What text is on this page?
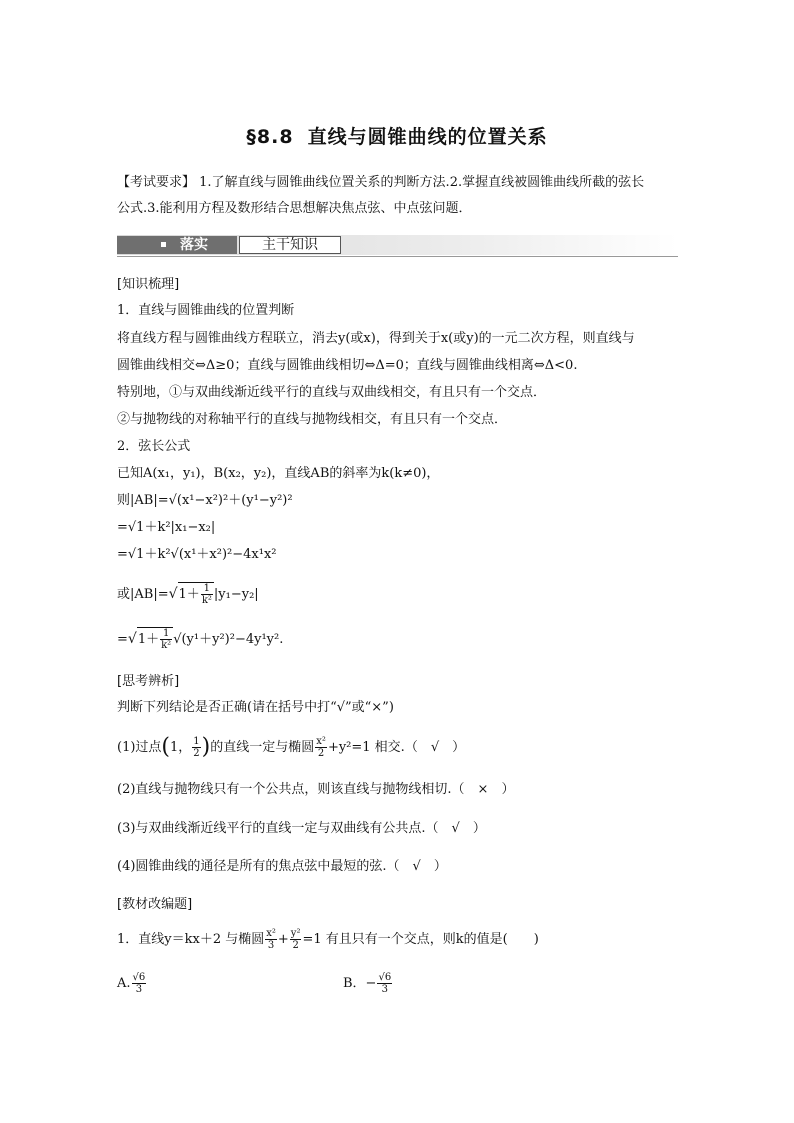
§8.8 直线与圆锥曲线的位置关系
【考试要求】 1.了解直线与圆锥曲线位置关系的判断方法.2.掌握直线被圆锥曲线所截的弦长
公式.3.能利用方程及数形结合思想解决焦点弦、中点弦问题．
落实	主干知识
[知识梳理]
1．直线与圆锥曲线的位置判断
将直线方程与圆锥曲线方程联立，消去y(或x)，得到关于x(或y)的一元二次方程，则直线与
圆锥曲线相交⇔Δ≥0；直线与圆锥曲线相切⇔Δ=0；直线与圆锥曲线相离⇔Δ<0.
特别地，①与双曲线渐近线平行的直线与双曲线相交，有且只有一个交点．
②与抛物线的对称轴平行的直线与抛物线相交，有且只有一个交点．
2．弦长公式
已知A(x₁，y₁)，B(x₂，y₂)，直线AB的斜率为k(k≠0)，
则|AB|=√(x¹−x²)²＋(y¹−y²)²
=√1＋k²|x₁−x₂|
=√1＋k²√(x¹＋x²)²−4x¹x²
或$|AB|=√1+ \frac{1}{\text{k²}} |y_1-y_2|$
$=√1+ \frac{1}{\text{k²}} √(y^1+y^2)^2-4y^1y^2$.
[思考辨析]
判断下列结论是否正确(请在括号中打“√”或“×”)
(1)过点(1， $\frac{1}{2}$ )的直线一定与椭圆 $\frac{\text{x²}}{2} +y^2=1$ 相交.（　√　）
(2)直线与抛物线只有一个公共点，则该直线与抛物线相切.（　×　）
(3)与双曲线渐近线平行的直线一定与双曲线有公共点.（　√　）
(4)圆锥曲线的通径是所有的焦点弦中最短的弦.（　√　）
[教材改编题]
1．直线y＝kx＋2 与椭圆 $\frac{\text{x²}}{3} + \frac{\text{y²}}{2} =1$ 有且只有一个交点，则k的值是(　　)
A. $\frac{√6}{3}$	B．− $\frac{√6}{3}$
